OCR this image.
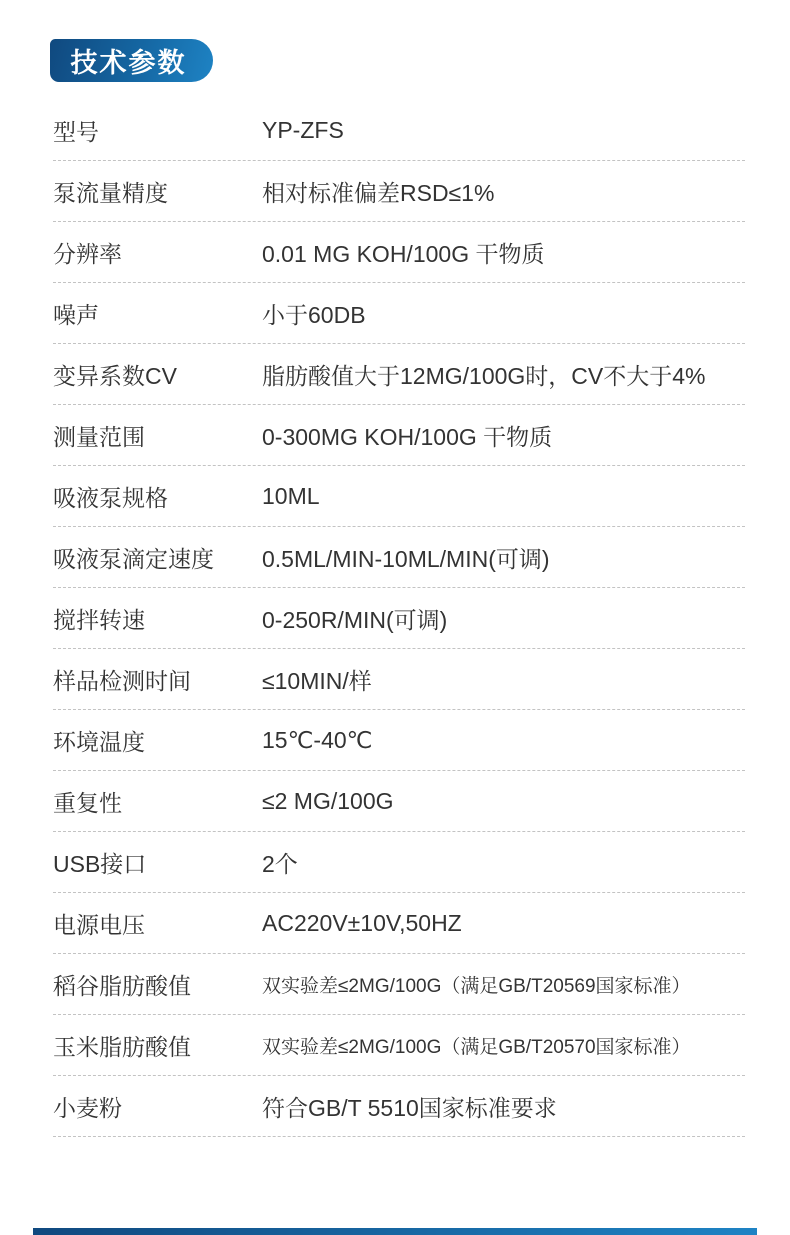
技术参数
型号	YP-ZFS
泵流量精度	相对标准偏差RSD≤1%
分辨率	0.01 MG KOH/100G 干物质
噪声	小于60DB
变异系数CV	脂肪酸值大于12MG/100G时，CV不大于4%
测量范围	0-300MG KOH/100G 干物质
吸液泵规格	10ML
吸液泵滴定速度	0.5ML/MIN-10ML/MIN(可调)
搅拌转速	0-250R/MIN(可调)
样品检测时间	≤10MIN/样
环境温度	15℃-40℃
重复性	≤2 MG/100G
USB接口	2个
电源电压	AC220V±10V,50HZ
稻谷脂肪酸值	双实验差≤2MG/100G（满足GB/T20569国家标准）
玉米脂肪酸值	双实验差≤2MG/100G（满足GB/T20570国家标准）
小麦粉	符合GB/T 5510国家标准要求
